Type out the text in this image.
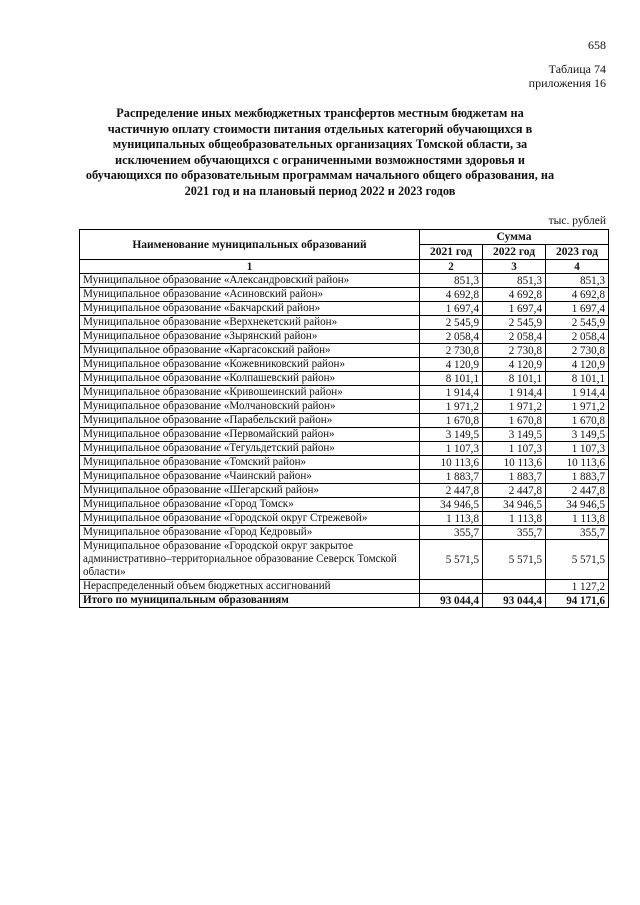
658
Таблица 74
приложения 16

Распределение иных межбюджетных трансфертов местным бюджетам на частичную оплату стоимости питания отдельных категорий обучающихся в муниципальных общеобразовательных организациях Томской области, за исключением обучающихся с ограниченными возможностями здоровья и обучающихся по образовательным программам начального общего образования, на 2021 год и на плановый период 2022 и 2023 годов

тыс. рублей
Наименование муниципальных образований	Сумма		
	2021 год	2022 год	2023 год
1	2	3	4
Муниципальное образование «Александровский район»	851,3	851,3	851,3
Муниципальное образование «Асиновский район»	4 692,8	4 692,8	4 692,8
Муниципальное образование «Бакчарский район»	1 697,4	1 697,4	1 697,4
Муниципальное образование «Верхнекетский район»	2 545,9	2 545,9	2 545,9
Муниципальное образование «Зырянский район»	2 058,4	2 058,4	2 058,4
Муниципальное образование «Каргасокский район»	2 730,8	2 730,8	2 730,8
Муниципальное образование «Кожевниковский район»	4 120,9	4 120,9	4 120,9
Муниципальное образование «Колпашевский район»	8 101,1	8 101,1	8 101,1
Муниципальное образование «Кривошеинский район»	1 914,4	1 914,4	1 914,4
Муниципальное образование «Молчановский район»	1 971,2	1 971,2	1 971,2
Муниципальное образование «Парабельский район»	1 670,8	1 670,8	1 670,8
Муниципальное образование «Первомайский район»	3 149,5	3 149,5	3 149,5
Муниципальное образование «Тегульдетский район»	1 107,3	1 107,3	1 107,3
Муниципальное образование «Томский район»	10 113,6	10 113,6	10 113,6
Муниципальное образование «Чаинский район»	1 883,7	1 883,7	1 883,7
Муниципальное образование «Шегарский район»	2 447,8	2 447,8	2 447,8
Муниципальное образование «Город Томск»	34 946,5	34 946,5	34 946,5
Муниципальное образование «Городской округ Стрежевой»	1 113,8	1 113,8	1 113,8
Муниципальное образование «Город Кедровый»	355,7	355,7	355,7
Муниципальное образование «Городской округ закрытое административно–территориальное образование Северск Томской области»	5 571,5	5 571,5	5 571,5
Нераспределенный объем бюджетных ассигнований			1 127,2
Итого по муниципальным образованиям	93 044,4	93 044,4	94 171,6
